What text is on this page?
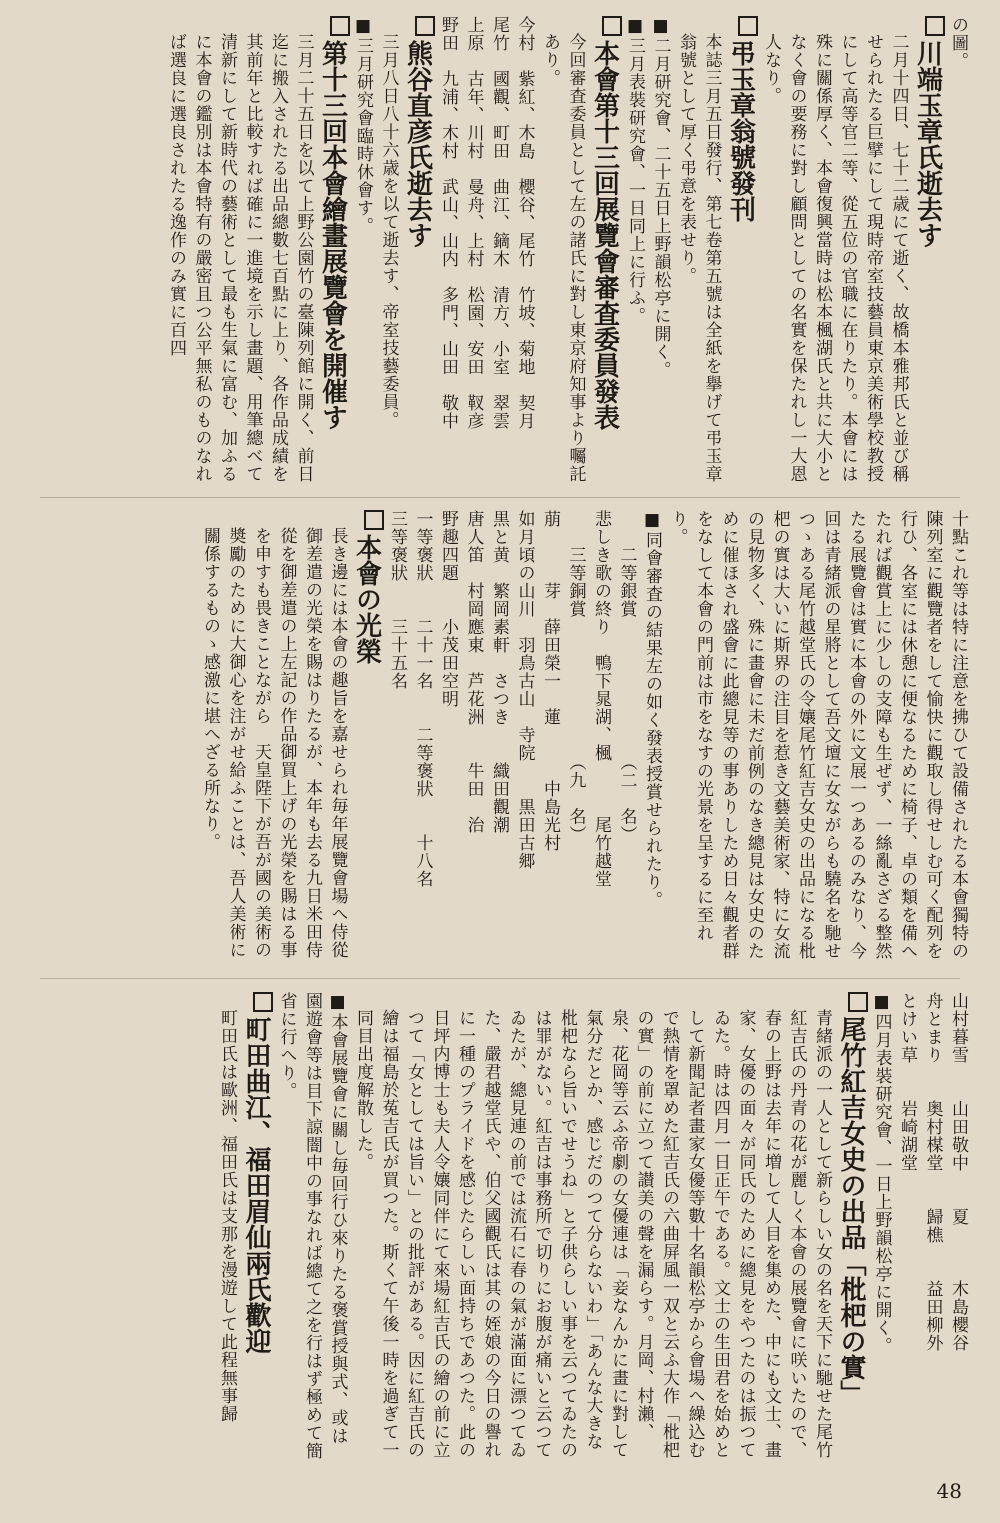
の圖。

川端玉章氏逝去す

二月十四日、七十二歳にて逝く、故橋本雅邦氏と並び稱せられたる巨擘にして現時帝室技藝員東京美術學校教授にして高等官二等、從五位の官職に在りたり。本會には殊に關係厚く、本會復興當時は松本楓湖氏と共に大小となく會の要務に對し顧問としての名實を保たれし一大恩人なり。

弔玉章翁號發刊

本誌三月五日發行、第七卷第五號は全紙を擧げて弔玉章翁號として厚く弔意を表せり。

■二月研究會、二十五日上野韻松亭に開く。

■三月表裝研究會、一日同上に行ふ。

本會第十三回展覽會審査委員發表

今回審査委員として左の諸氏に對し東京府知事より囑託あり。

今村　紫紅、木島　櫻谷、尾竹　竹坡、菊地　契月

尾竹　國觀、町田　曲江、鏑木　清方、小室　翠雲

上原　古年、川村　曼舟、上村　松園、安田　靫彦

野田　九浦、木村　武山、山内　多門、山田　敬中

熊谷直彦氏逝去す

三月八日八十六歳を以て逝去す、帝室技藝委員。

■三月研究會臨時休會す。

第十三回本會繪畫展覽會を開催す

三月二十五日を以て上野公園竹の臺陳列館に開く、前日迄に搬入されたる出品總數七百點に上り、各作品成績を其前年と比較すれば確に一進境を示し畫題、用筆總べて清新にして新時代の藝術として最も生氣に富む、加ふるに本會の鑑別は本會特有の嚴密且つ公平無私のものなれば選良に選良されたる逸作のみ實に百四

十點これ等は特に注意を拂ひて設備されたる本會獨特の陳列室に觀覽者をして愉快に觀取し得せしむ可く配列を行ひ、各室には休憩に便なるために椅子、卓の類を備へたれば觀賞上に少しの支障も生ぜず、一絲亂さざる整然たる展覽會は實に本會の外に文展一つあるのみなり、今回は青緒派の星將として吾文壇に女ながらも驍名を馳せつゝある尾竹越堂氏の令孃尾竹紅吉女史の出品になる枇杷の實は大いに斯界の注目を惹き文藝美術家、特に女流の見物多く、殊に畫會に未だ前例のなき總見は女史のために催ほされ盛會に此總見等の事ありしため日々觀者群をなして本會の門前は市をなすの光景を呈するに至れり。

■同會審査の結果左の如く發表授賞せられたり。

　　二等銀賞　　　　　　　　（二　名）

悲しき歌の終り　鴨下晁湖、楓　　　尾竹越堂

　　三等銅賞　　　　　　　　（九　名）

萠　　　芽　薛田榮一　蓮　　　中島光村

如月頃の山川　羽鳥古山　寺院　　黒田古郷

黒と黄　繁岡素軒　さつき　　織田觀潮

唐人笛　村岡應東　芦花洲　　牛田　治

野趣四題　　小茂田空明

一等褒狀　　二十一名　　二等褒狀　　十八名

三等褒狀　　三十五名

本會の光榮

長き邊には本會の趣旨を嘉せられ毎年展覽會場へ侍從御差遣の光榮を賜はりたるが、本年も去る九日米田侍從を御差遣の上左記の作品御買上げの光榮を賜はる事を申すも畏きことながら　天皇陛下が吾が國の美術の奬勵のために大御心を注がせ給ふことは、吾人美術に關係するものゝ感激に堪へざる所なり。

山村暮雪　　山田敬中　　夏　　　木島櫻谷

舟とまり　　奥村楳堂　　歸樵　　益田柳外

とけい草　　岩崎湖堂

■四月表裝研究會、一日上野韻松亭に開く。

尾竹紅吉女史の出品「枇杷の實」

青緒派の一人として新らしい女の名を天下に馳せた尾竹紅吉氏の丹青の花が麗しく本會の展覽會に咲いたので、春の上野は去年に増して人目を集めた、中にも文士、畫家、女優の面々が同氏のために總見をやつたのは振つてゐた。時は四月一日正午である。文士の生田君を始めとして新聞記者畫家女優等數十名韻松亭から會場へ繰込むで熱情を罩めた紅吉氏の六曲屏風一双と云ふ大作「枇杷の實」の前に立つて讃美の聲を漏らす。月岡、村瀨、泉、花岡等云ふ帝劇の女優連は「妾なんかに畫に對して氣分だとか、感じだのつて分らないわ」「あんな大きな枇杷なら旨いでせうね」と子供らしい事を云つてゐたのは罪がない。紅吉は事務所で切りにお腹が痛いと云つてゐたが、總見連の前では流石に春の氣が滿面に漂つてゐた、嚴君越堂氏や、伯父國觀氏は其の姪娘の今日の譽れに一種のプライドを感じたらしい面持ちであつた。此の日坪内博士も夫人令孃同伴にて來場紅吉氏の繪の前に立つて「女としては旨い」との批評がある。因に紅吉氏の繪は福島於菟吉氏が買つた。斯くて午後一時を過ぎて一同目出度解散した。

■本會展覽會に關し毎回行ひ來りたる褒賞授與式、或は園遊會等は目下諒闇中の事なれば總て之を行はず極めて簡省に行へり。

町田曲江、福田眉仙兩氏歡迎

町田氏は歐洲、福田氏は支那を漫遊して此程無事歸

48
